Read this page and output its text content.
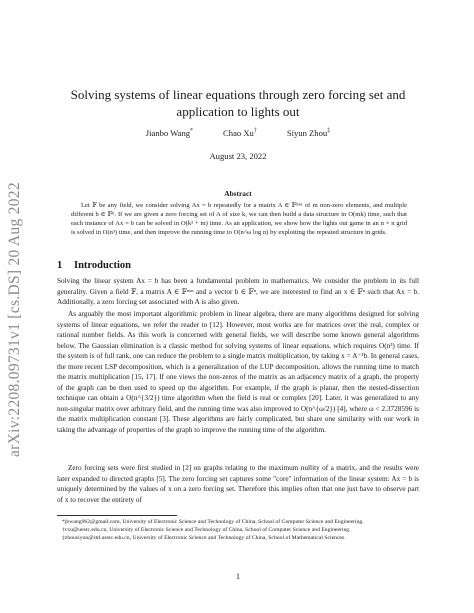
arXiv:2208.09731v1 [cs.DS] 20 Aug 2022
Solving systems of linear equations through zero forcing set and
application to lights out
Jianbo Wang*	Chao Xu†	Siyun Zhou‡
August 23, 2022
Abstract
Let 𝔽 be any field, we consider solving Ax = b repeatedly for a matrix A ∈ 𝔽ⁿˣⁿ of m non-zero elements, and multiple different b ∈ 𝔽ⁿ. If we are given a zero forcing set of A of size k, we can then build a data structure in O(mk) time, such that each instance of Ax = b can be solved in O(k² + m) time. As an application, we show how the lights out game in an n × n grid is solved in O(n³) time, and then improve the running time to O(n^ω log n) by exploiting the repeated structure in grids.
1 Introduction
Solving the linear system Ax = b has been a fundamental problem in mathematics. We consider the problem in its full generality. Given a field 𝔽, a matrix A ∈ 𝔽ⁿˣⁿ and a vector b ∈ 𝔽ⁿ, we are interested to find an x ∈ 𝔽ⁿ such that Ax = b. Additionally, a zero forcing set associated with A is also given.
As arguably the most important algorithmic problem in linear algebra, there are many algorithms designed for solving systems of linear equations, we refer the reader to [12]. However, most works are for matrices over the real, complex or rational number fields. As this work is concerned with general fields, we will describe some known general algorithms below. The Gaussian elimination is a classic method for solving systems of linear equations, which requires O(n³) time. If the system is of full rank, one can reduce the problem to a single matrix multiplication, by taking x = A⁻¹b. In general cases, the more recent LSP decomposition, which is a generalization of the LUP decomposition, allows the running time to match the matrix multiplication [15, 17]. If one views the non-zeros of the matrix as an adjacency matrix of a graph, the property of the graph can be then used to speed up the algorithm. For example, if the graph is planar, then the nested-dissection technique can obtain a O(n^{3/2}) time algorithm when the field is real or complex [20]. Later, it was generalized to any non-singular matrix over arbitrary field, and the running time was also improved to O(n^{ω/2}) [4], where ω < 2.3728596 is the matrix multiplication constant [3]. These algorithms are fairly complicated, but share one similarity with our work in taking the advantage of properties of the graph to improve the running time of the algorithm.
Zero forcing sets were first studied in [2] on graphs relating to the maximum nullity of a matrix, and the results were later expanded to directed graphs [5]. The zero forcing set captures some "core" information of the linear system: Ax = b is uniquely determined by the values of x on a zero forcing set. Therefore this implies often that one just have to observe part of x to recover the entirety of
*jbwang962@gmail.com, University of Electronic Science and Technology of China, School of Computer Science and Engineering.
†cxu@uestc.edu.cn, University of Electronic Science and Technology of China, School of Computer Science and Engineering.
‡zhousiyun@std.uestc.edu.cn, University of Electronic Science and Technology of China, School of Mathematical Sciences.
1
